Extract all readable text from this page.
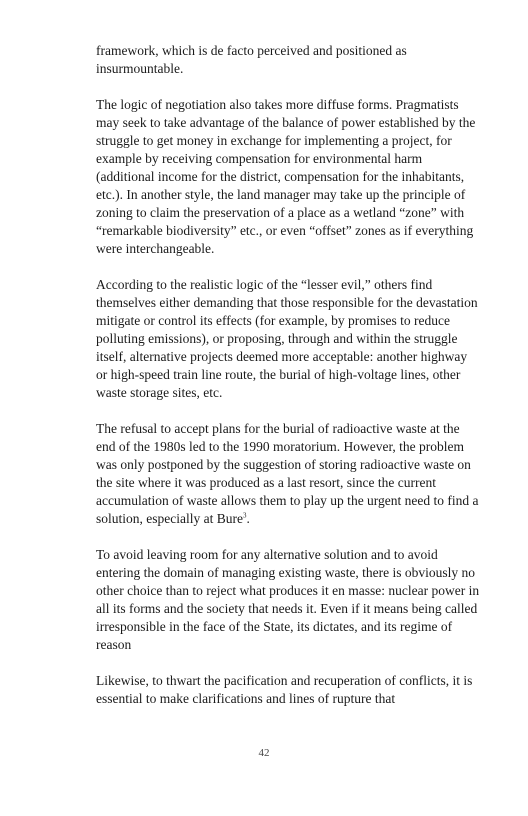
framework, which is de facto perceived and positioned as insurmountable.

The logic of negotiation also takes more diffuse forms. Pragmatists may seek to take advantage of the balance of power established by the struggle to get money in exchange for implementing a project, for example by receiving compensation for environmental harm (additional income for the district, compensation for the inhabitants, etc.). In another style, the land manager may take up the principle of zoning to claim the preservation of a place as a wetland “zone” with “remarkable biodiversity” etc., or even “offset” zones as if everything were interchangeable.

According to the realistic logic of the “lesser evil,” others find themselves either demanding that those responsible for the devastation mitigate or control its effects (for example, by promises to reduce polluting emissions), or proposing, through and within the struggle itself, alternative projects deemed more acceptable: another highway or high-speed train line route, the burial of high-voltage lines, other waste storage sites, etc.

The refusal to accept plans for the burial of radioactive waste at the end of the 1980s led to the 1990 moratorium. However, the problem was only postponed by the suggestion of storing radioactive waste on the site where it was produced as a last resort, since the current accumulation of waste allows them to play up the urgent need to find a solution, especially at Bure$^3$.

To avoid leaving room for any alternative solution and to avoid entering the domain of managing existing waste, there is obviously no other choice than to reject what produces it en masse: nuclear power in all its forms and the society that needs it. Even if it means being called irresponsible in the face of the State, its dictates, and its regime of reason

Likewise, to thwart the pacification and recuperation of conflicts, it is essential to make clarifications and lines of rupture that

42
